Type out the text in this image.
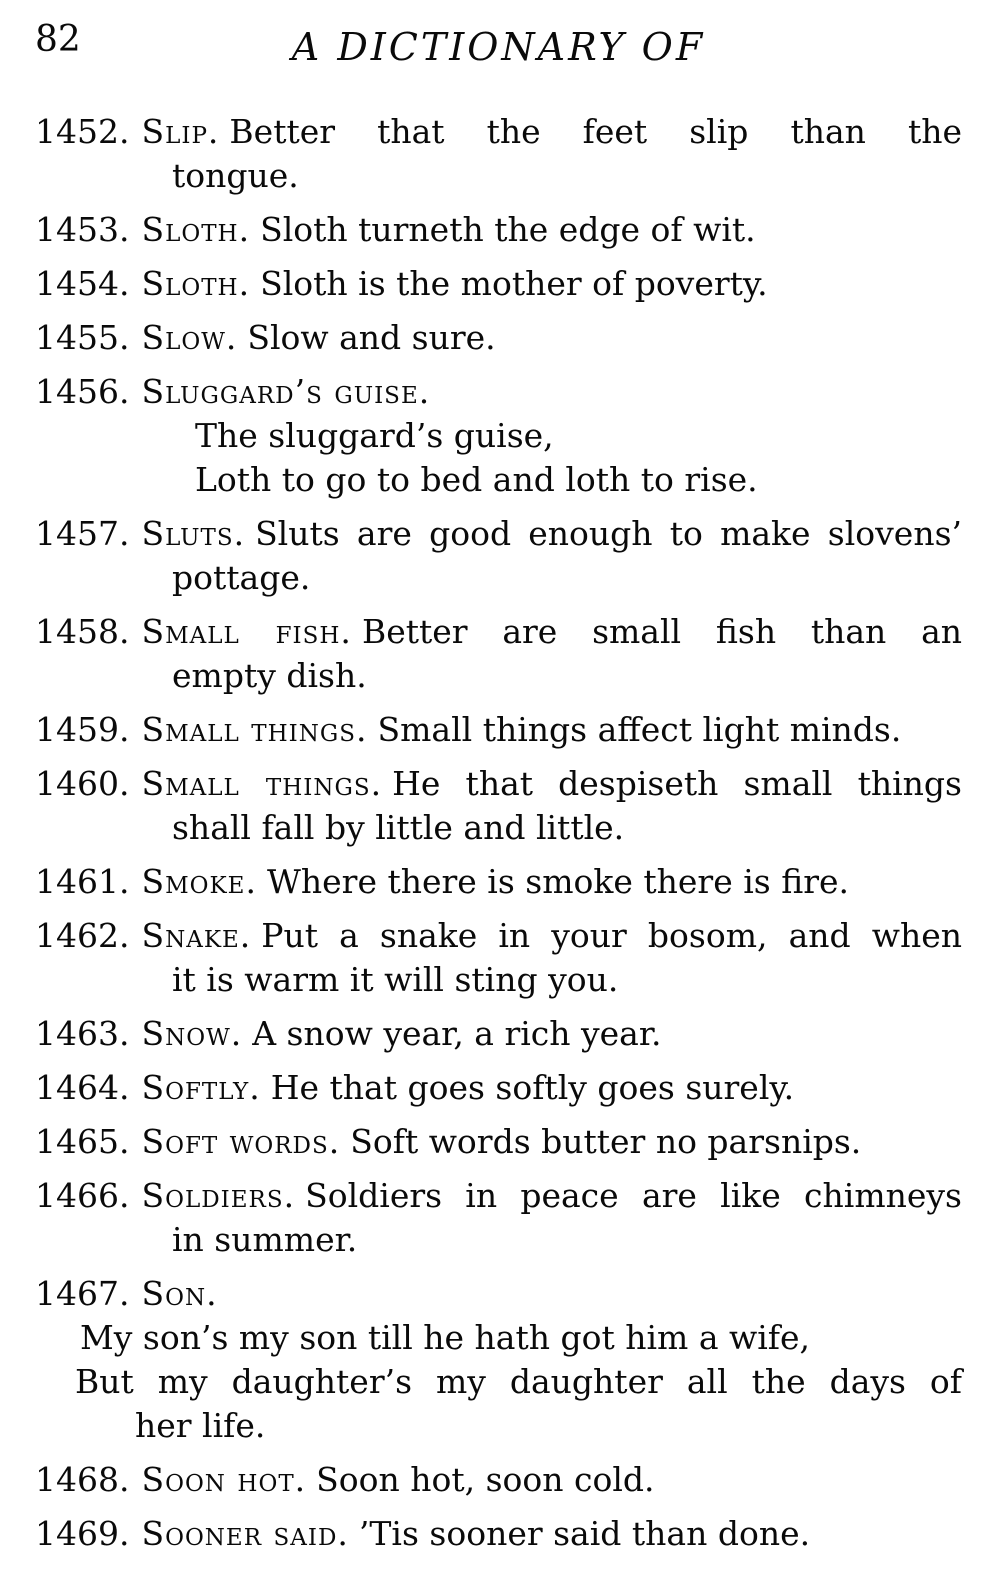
82	A DICTIONARY OF
1452. Slip. Better that the feet slip than the
tongue.
1453. Sloth. Sloth turneth the edge of wit.
1454. Sloth. Sloth is the mother of poverty.
1455. Slow. Slow and sure.
1456. Sluggard’s guise.
The sluggard’s guise,
Loth to go to bed and loth to rise.
1457. Sluts. Sluts are good enough to make slovens’
pottage.
1458. Small fish. Better are small fish than an
empty dish.
1459. Small things. Small things affect light minds.
1460. Small things. He that despiseth small things
shall fall by little and little.
1461. Smoke. Where there is smoke there is fire.
1462. Snake. Put a snake in your bosom, and when
it is warm it will sting you.
1463. Snow. A snow year, a rich year.
1464. Softly. He that goes softly goes surely.
1465. Soft words. Soft words butter no parsnips.
1466. Soldiers. Soldiers in peace are like chimneys
in summer.
1467. Son.
My son’s my son till he hath got him a wife,
But my daughter’s my daughter all the days of
her life.
1468. Soon hot. Soon hot, soon cold.
1469. Sooner said. ’Tis sooner said than done.
